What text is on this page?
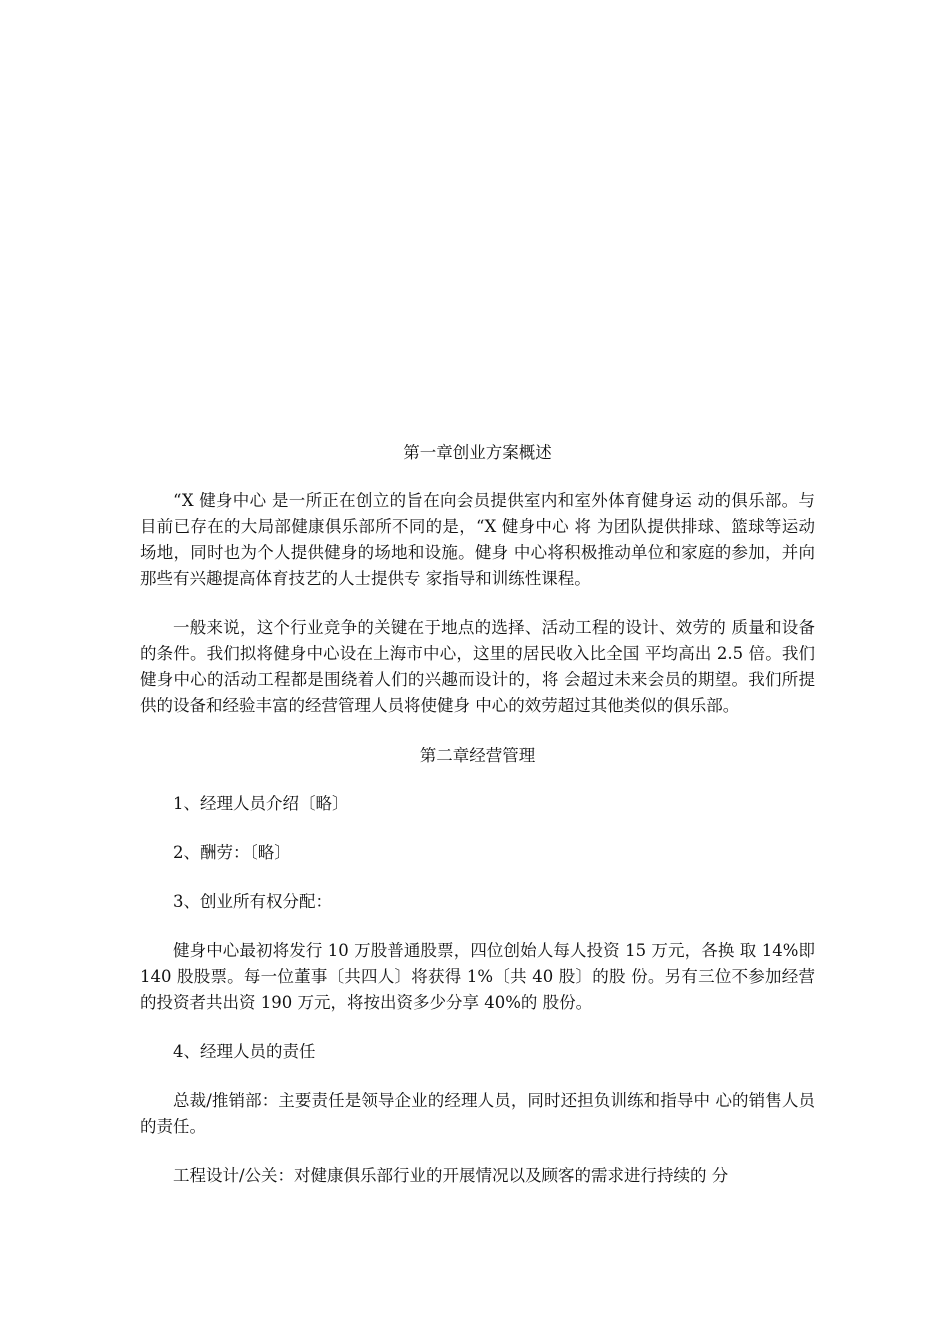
第一章创业方案概述

“X 健身中心 是一所正在创立的旨在向会员提供室内和室外体育健身运 动的俱乐部。与目前已存在的大局部健康俱乐部所不同的是，“X 健身中心 将 为团队提供排球、篮球等运动场地，同时也为个人提供健身的场地和设施。健身 中心将积极推动单位和家庭的参加，并向那些有兴趣提高体育技艺的人士提供专 家指导和训练性课程。

一般来说，这个行业竞争的关键在于地点的选择、活动工程的设计、效劳的 质量和设备的条件。我们拟将健身中心设在上海市中心，这里的居民收入比全国 平均高出 2.5 倍。我们健身中心的活动工程都是围绕着人们的兴趣而设计的，将 会超过未来会员的期望。我们所提供的设备和经验丰富的经营管理人员将使健身 中心的效劳超过其他类似的俱乐部。

第二章经营管理

1、经理人员介绍〔略〕

2、酬劳：〔略〕

3、创业所有权分配：

健身中心最初将发行 10 万股普通股票，四位创始人每人投资 15 万元，各换 取 14%即 140 股股票。每一位董事〔共四人〕将获得 1%〔共 40 股〕的股 份。另有三位不参加经营的投资者共出资 190 万元，将按出资多少分享 40%的 股份。

4、经理人员的责任

总裁/推销部：主要责任是领导企业的经理人员，同时还担负训练和指导中 心的销售人员的责任。

工程设计/公关：对健康俱乐部行业的开展情况以及顾客的需求进行持续的 分
